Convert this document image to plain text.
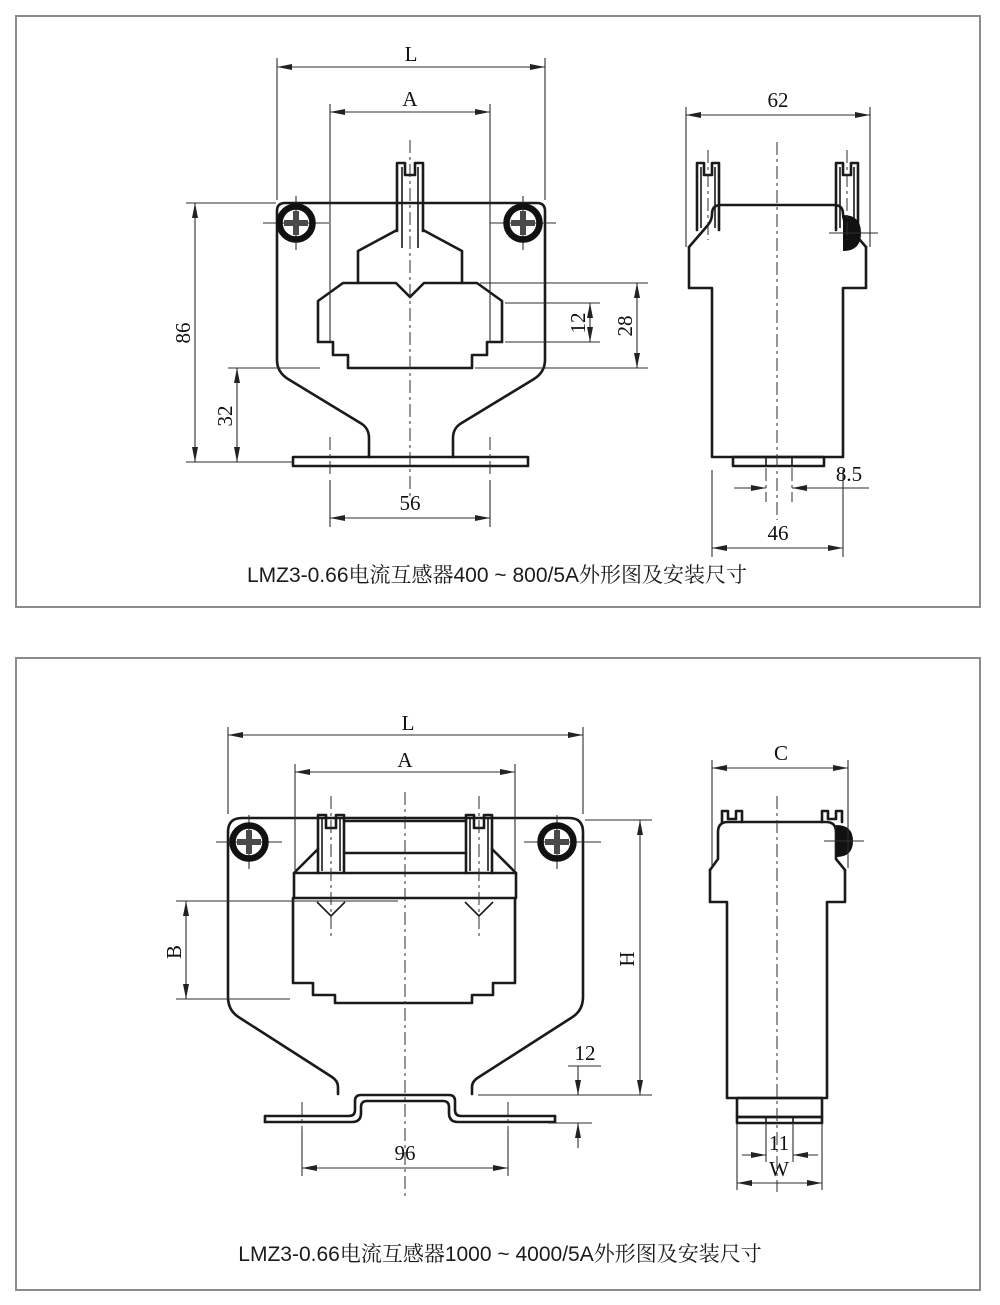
L
A
86
32
12 28
56
62
8.5
46
LMZ3-0.66电流互感器400 ~ 800/5A外形图及安装尺寸
L
A
B	H
12
96
C
11
W
LMZ3-0.66电流互感器1000 ~ 4000/5A外形图及安装尺寸
